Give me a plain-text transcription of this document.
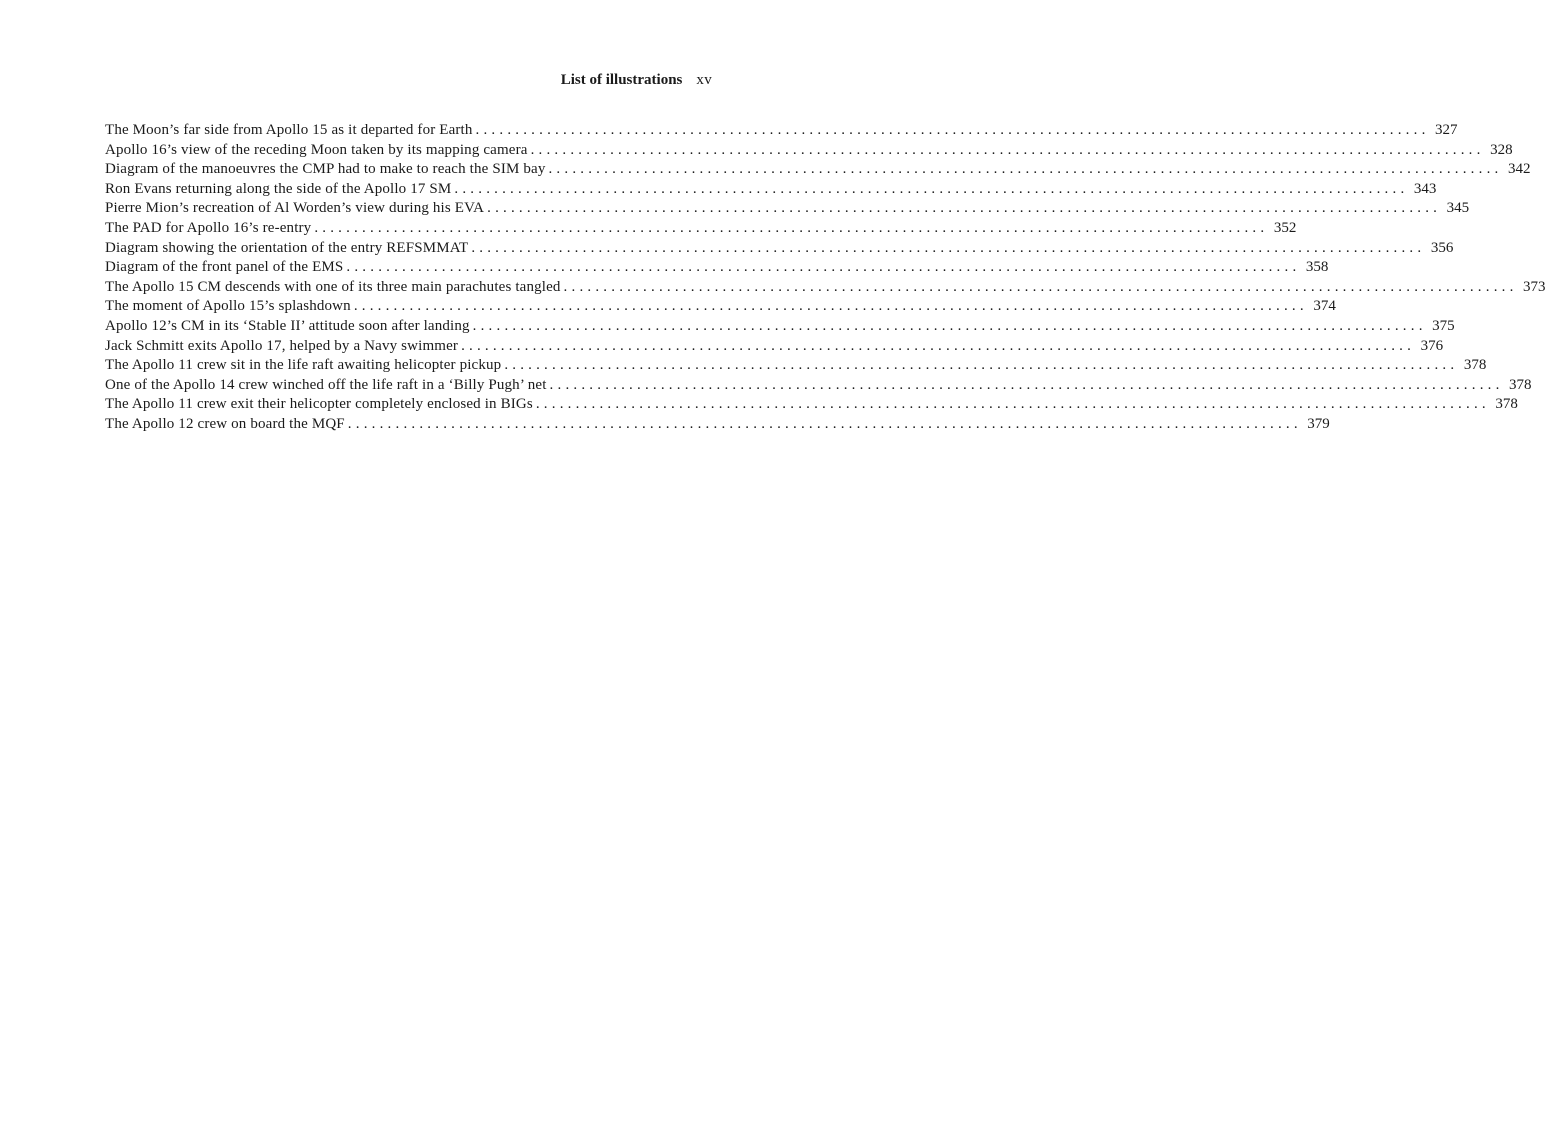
List of illustrations xv
The Moon’s far side from Apollo 15 as it departed for Earth ........................................................................................................................ 327
Apollo 16’s view of the receding Moon taken by its mapping camera ........................................................................................................................ 328
Diagram of the manoeuvres the CMP had to make to reach the SIM bay ........................................................................................................................ 342
Ron Evans returning along the side of the Apollo 17 SM ........................................................................................................................ 343
Pierre Mion’s recreation of Al Worden’s view during his EVA ........................................................................................................................ 345
The PAD for Apollo 16’s re-entry ........................................................................................................................ 352
Diagram showing the orientation of the entry REFSMMAT ........................................................................................................................ 356
Diagram of the front panel of the EMS ........................................................................................................................ 358
The Apollo 15 CM descends with one of its three main parachutes tangled ........................................................................................................................ 373
The moment of Apollo 15’s splashdown ........................................................................................................................ 374
Apollo 12’s CM in its ‘Stable II’ attitude soon after landing ........................................................................................................................ 375
Jack Schmitt exits Apollo 17, helped by a Navy swimmer ........................................................................................................................ 376
The Apollo 11 crew sit in the life raft awaiting helicopter pickup ........................................................................................................................ 378
One of the Apollo 14 crew winched off the life raft in a ‘Billy Pugh’ net ........................................................................................................................ 378
The Apollo 11 crew exit their helicopter completely enclosed in BIGs ........................................................................................................................ 378
The Apollo 12 crew on board the MQF ........................................................................................................................ 379
